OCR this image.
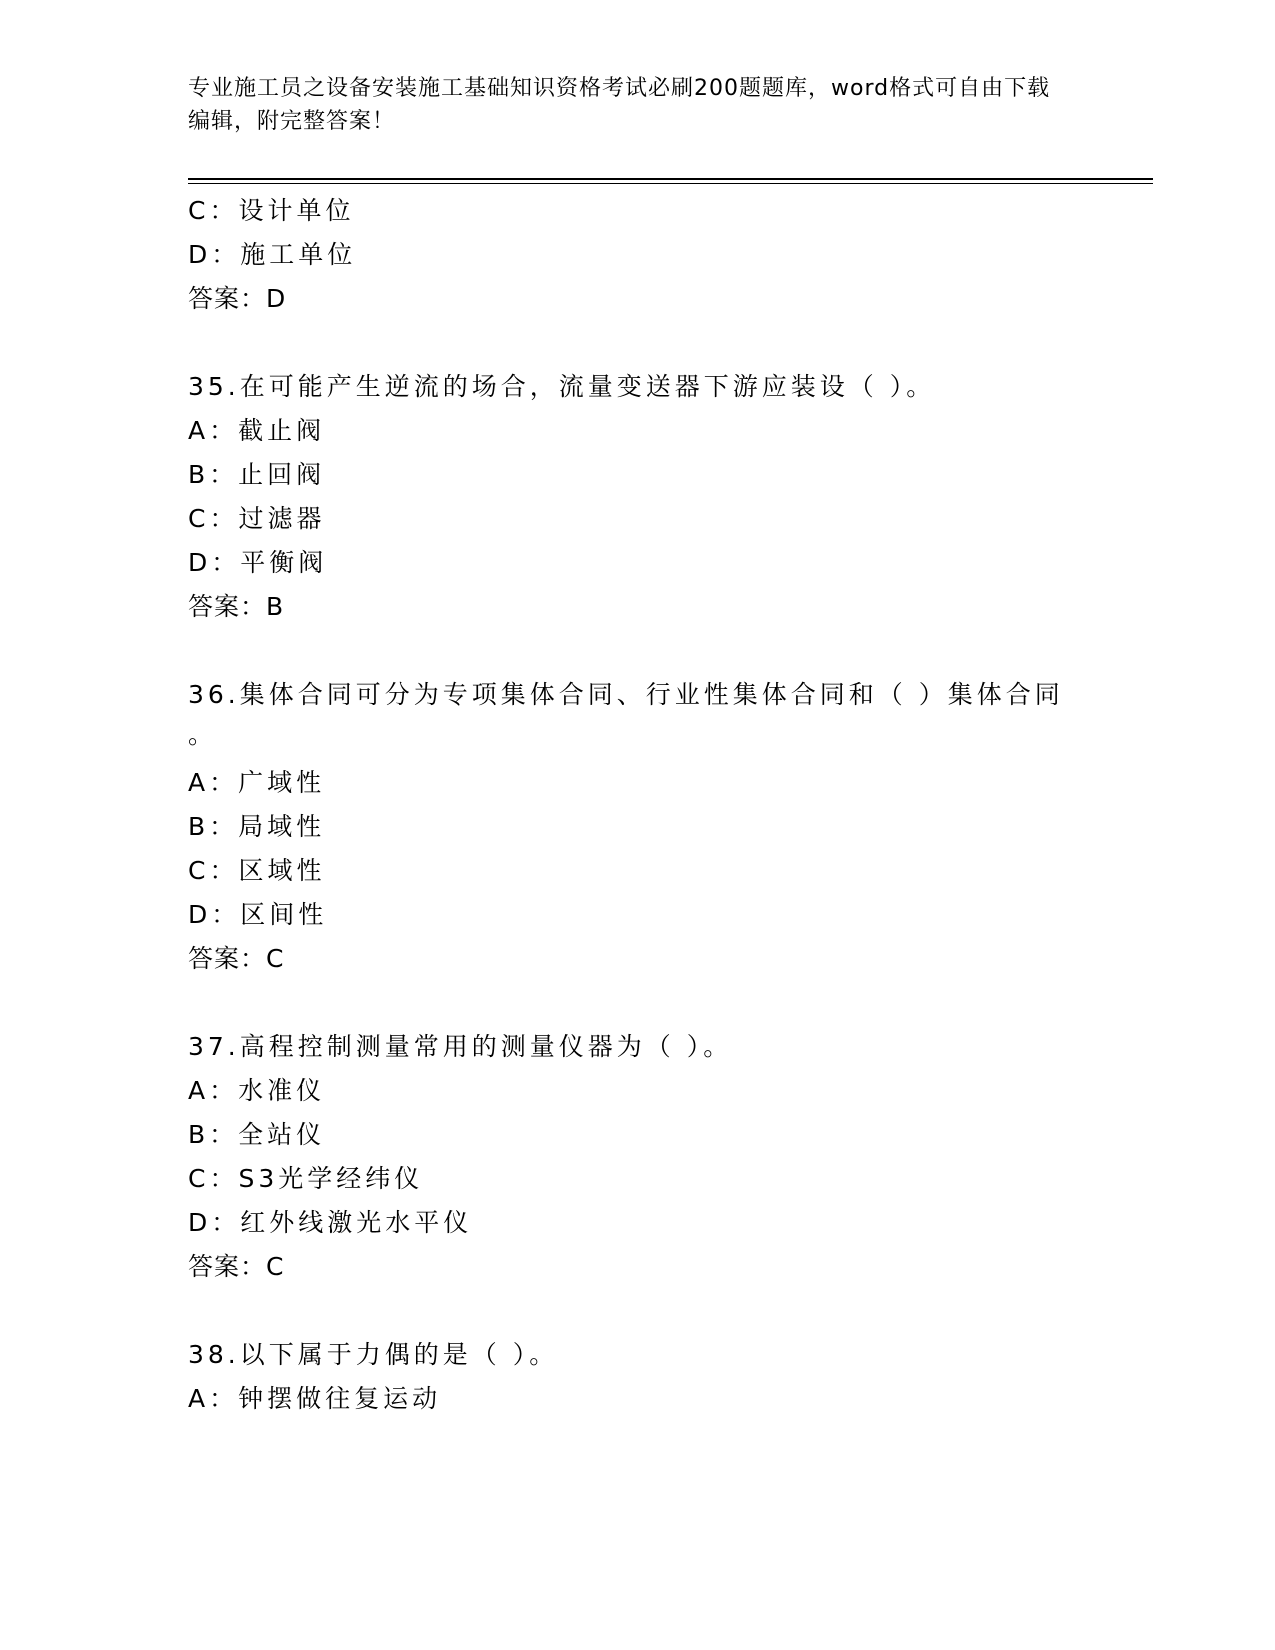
专业施工员之设备安装施工基础知识资格考试必刷200题题库，word格式可自由下载编辑，附完整答案！
C：设计单位
D：施工单位
答案：D
35.在可能产生逆流的场合，流量变送器下游应装设（ ）。
A：截止阀
B：止回阀
C：过滤器
D：平衡阀
答案：B
36.集体合同可分为专项集体合同、行业性集体合同和（ ）集体合同
。
A：广域性
B：局域性
C：区域性
D：区间性
答案：C
37.高程控制测量常用的测量仪器为（ ）。
A：水准仪
B：全站仪
C：S3光学经纬仪
D：红外线激光水平仪
答案：C
38.以下属于力偶的是（ ）。
A：钟摆做往复运动
